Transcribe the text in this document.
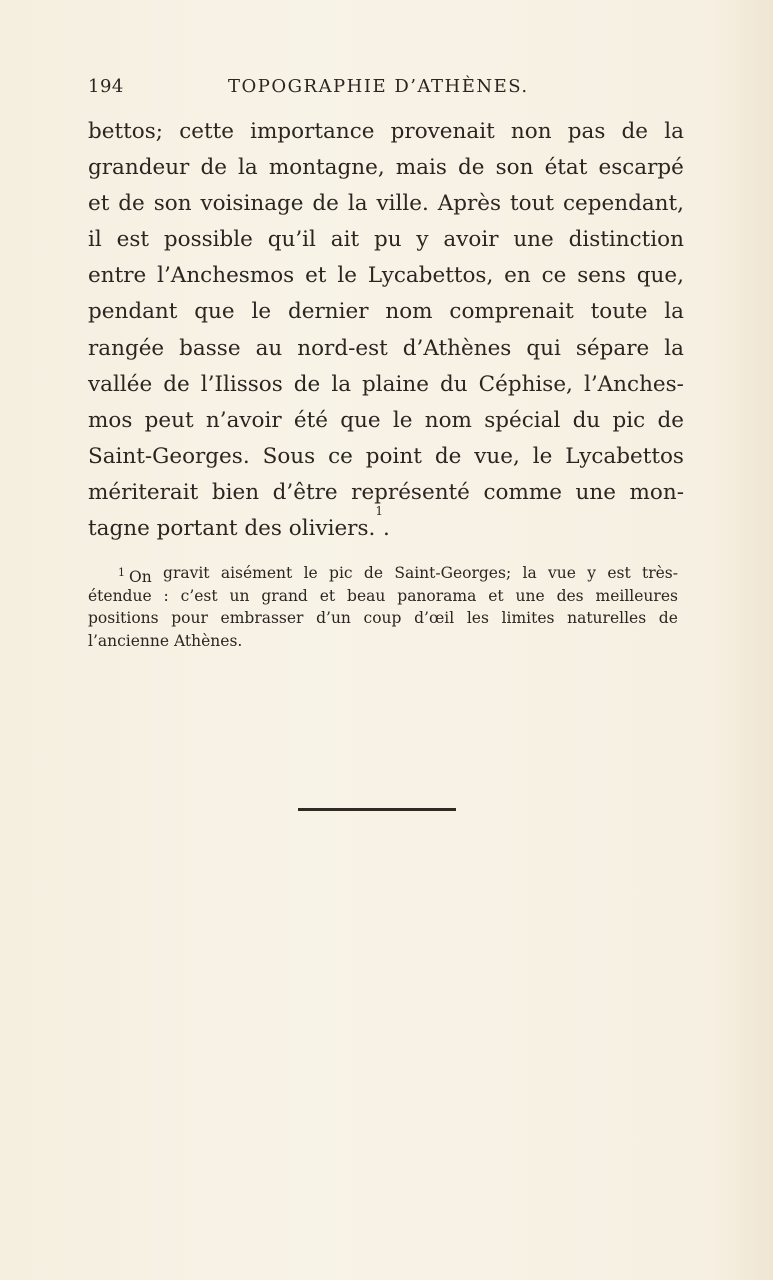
194	TOPOGRAPHIE D’ATHÈNES.
bettos; cette importance provenait non pas de la
grandeur de la montagne, mais de son état escarpé
et de son voisinage de la ville. Après tout cependant,
il est possible qu’il ait pu y avoir une distinction
entre l’Anchesmos et le Lycabettos, en ce sens que,
pendant que le dernier nom comprenait toute la
rangée basse au nord-est d’Athènes qui sépare la
vallée de l’Ilissos de la plaine du Céphise, l’Anches-
mos peut n’avoir été que le nom spécial du pic de
Saint-Georges. Sous ce point de vue, le Lycabettos
mériterait bien d’être représenté comme une mon-
tagne portant des oliviers.
1
.
$^1$ On gravit aisément le pic de Saint-Georges; la vue y est très-
étendue : c’est un grand et beau panorama et une des meilleures
positions pour embrasser d’un coup d’œil les limites naturelles de
l’ancienne Athènes.
